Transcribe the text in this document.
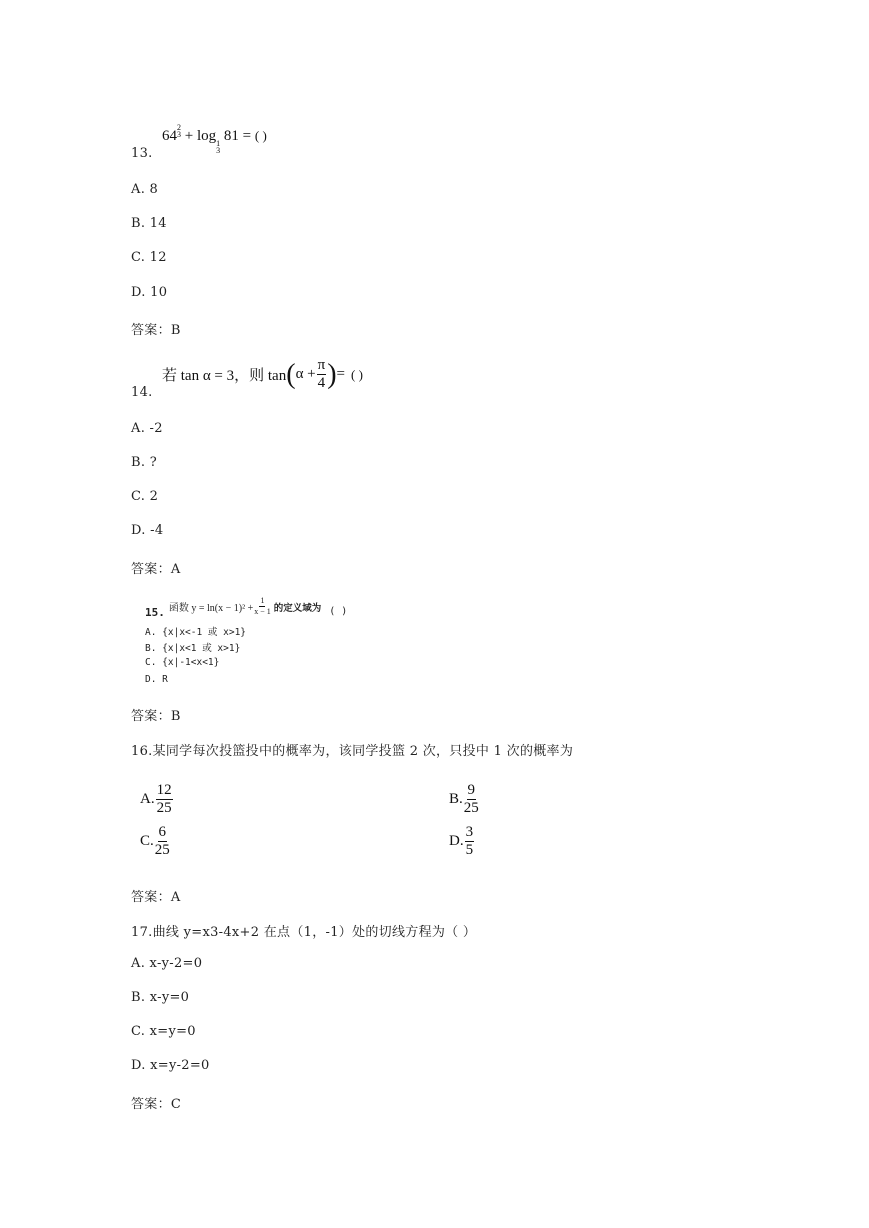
64
$^{2 3}$ + log $_{1 3}$
81 = ( )
13.
A. 8
B. 14
C. 12
D. 10
答案：B
若 tan α = 3，则 tan ( $\alpha + \frac{\pi}{4}$ ) = ( )
14.
A. -2
B. ?
C. 2
D. -4
答案：A
15. 函数 $y = \ln(x - 1)^2 + \frac{1}{x - 1}$ 的定义域为 ( )
A. {x|x<-1 或 x>1}
B. {x|x<1 或 x>1}
C. {x|-1<x<1}
D. R
答案：B
16.某同学每次投篮投中的概率为，该同学投篮 2 次，只投中 1 次的概率为
A. $\frac{12}{25}$	B. $\frac{9}{25}$
C. $\frac{6}{25}$	D. $\frac{3}{5}$
答案：A
17.曲线 y=x3-4x+2 在点（1，-1）处的切线方程为（ ）
A. x-y-2=0
B. x-y=0
C. x=y=0
D. x=y-2=0
答案：C
